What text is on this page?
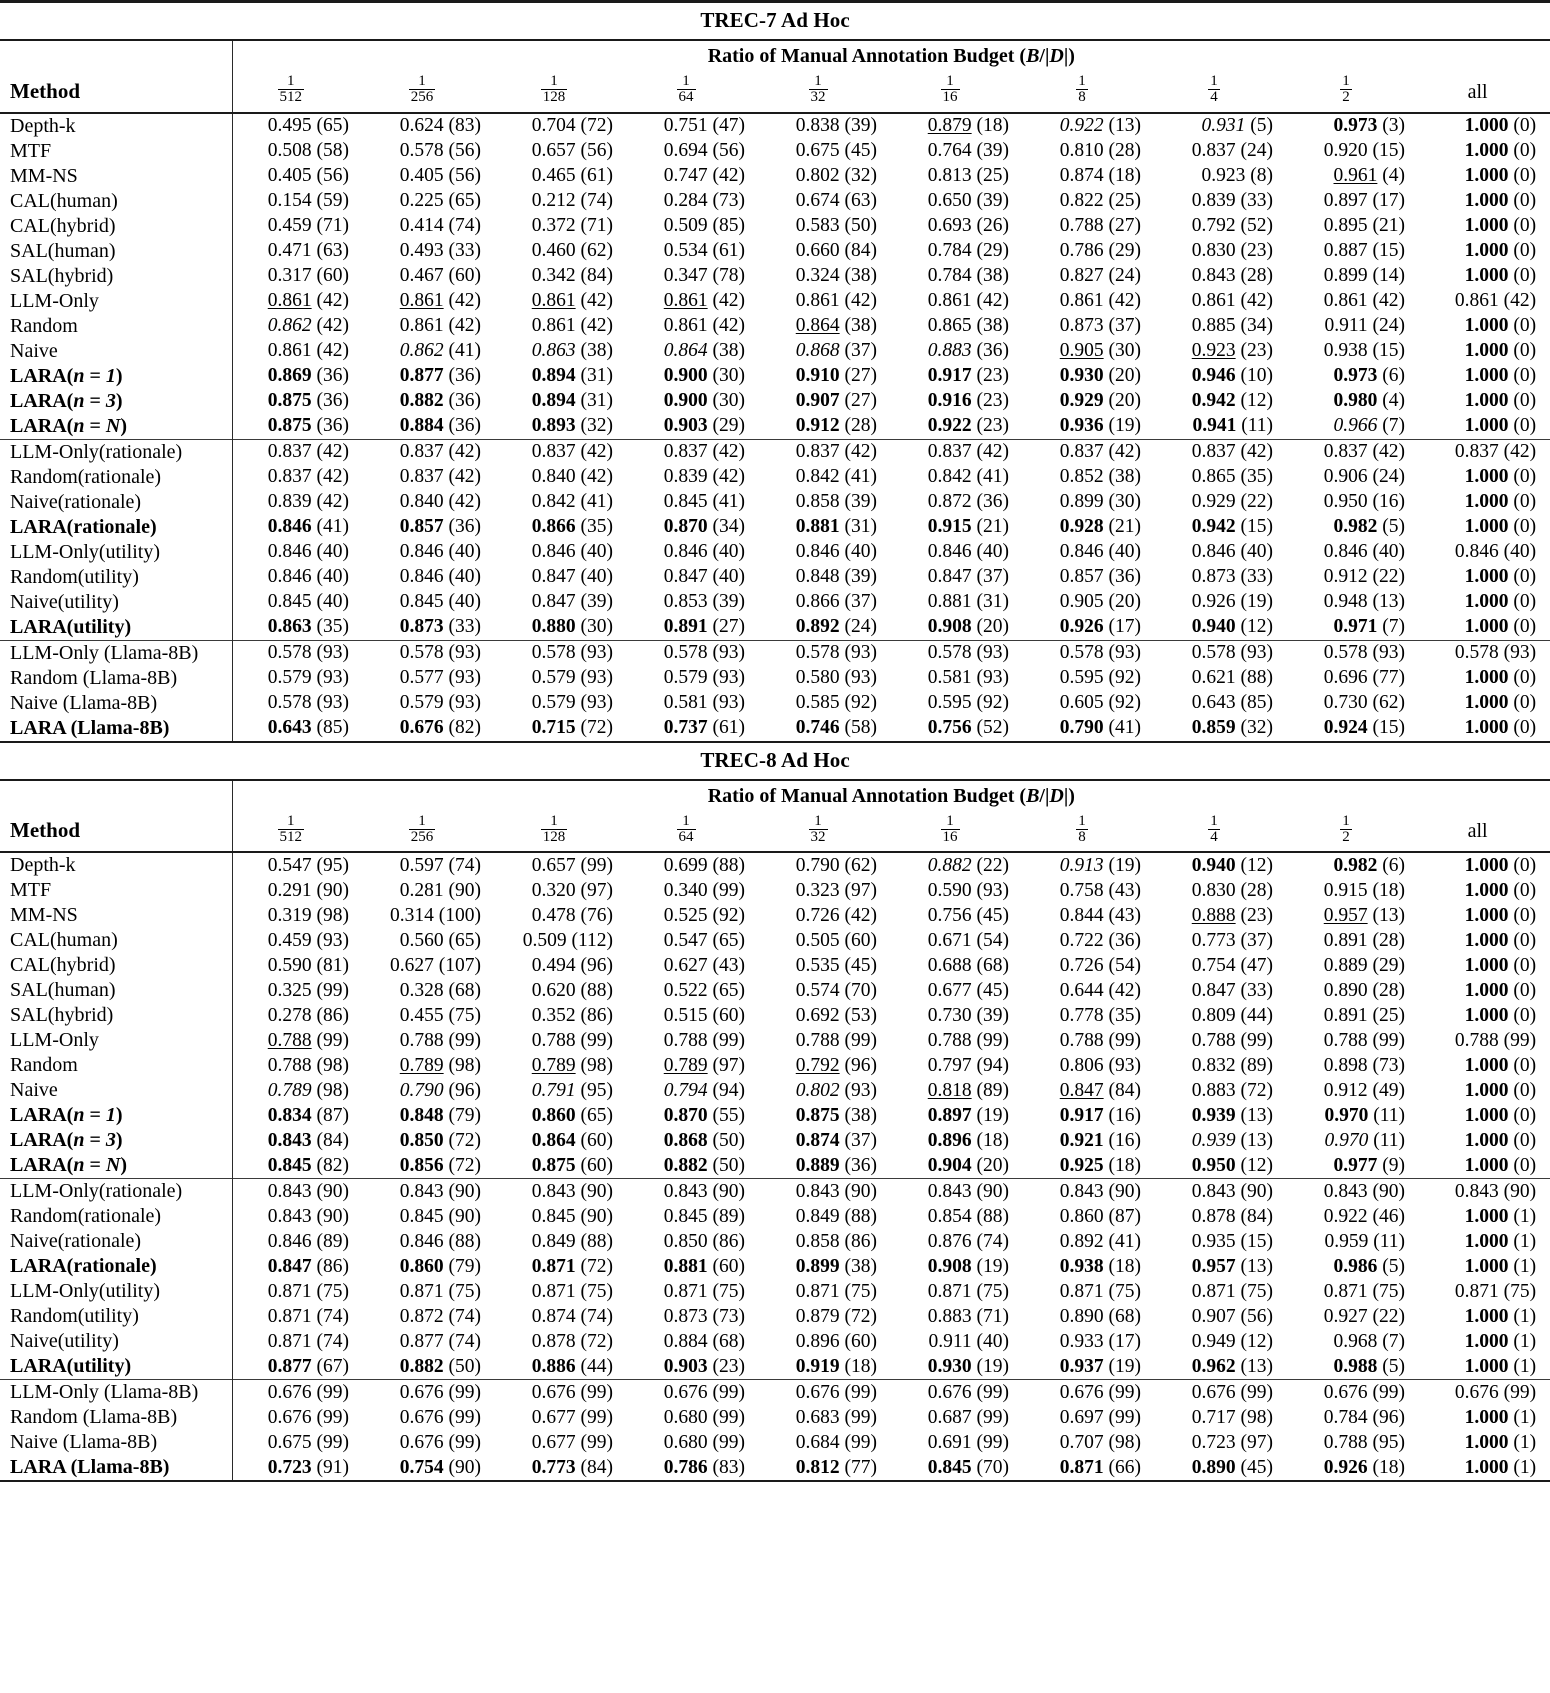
TREC-7 Ad Hoc										
	Ratio of Manual Annotation Budget (B/|D|)									
Method	$\frac{1}{512}$	$\frac{1}{256}$	$\frac{1}{128}$	$\frac{1}{64}$	$\frac{1}{32}$	$\frac{1}{16}$	$\frac{1}{8}$	$\frac{1}{4}$	$\frac{1}{2}$	all
Depth-k	0.495 (65)	0.624 (83)	0.704 (72)	0.751 (47)	0.838 (39)	0.879 (18)	0.922 (13)	0.931 (5)	0.973 (3)	1.000 (0)
MTF	0.508 (58)	0.578 (56)	0.657 (56)	0.694 (56)	0.675 (45)	0.764 (39)	0.810 (28)	0.837 (24)	0.920 (15)	1.000 (0)
MM-NS	0.405 (56)	0.405 (56)	0.465 (61)	0.747 (42)	0.802 (32)	0.813 (25)	0.874 (18)	0.923 (8)	0.961 (4)	1.000 (0)
CAL(human)	0.154 (59)	0.225 (65)	0.212 (74)	0.284 (73)	0.674 (63)	0.650 (39)	0.822 (25)	0.839 (33)	0.897 (17)	1.000 (0)
CAL(hybrid)	0.459 (71)	0.414 (74)	0.372 (71)	0.509 (85)	0.583 (50)	0.693 (26)	0.788 (27)	0.792 (52)	0.895 (21)	1.000 (0)
SAL(human)	0.471 (63)	0.493 (33)	0.460 (62)	0.534 (61)	0.660 (84)	0.784 (29)	0.786 (29)	0.830 (23)	0.887 (15)	1.000 (0)
SAL(hybrid)	0.317 (60)	0.467 (60)	0.342 (84)	0.347 (78)	0.324 (38)	0.784 (38)	0.827 (24)	0.843 (28)	0.899 (14)	1.000 (0)
LLM-Only	0.861 (42)	0.861 (42)	0.861 (42)	0.861 (42)	0.861 (42)	0.861 (42)	0.861 (42)	0.861 (42)	0.861 (42)	0.861 (42)
Random	0.862 (42)	0.861 (42)	0.861 (42)	0.861 (42)	0.864 (38)	0.865 (38)	0.873 (37)	0.885 (34)	0.911 (24)	1.000 (0)
Naive	0.861 (42)	0.862 (41)	0.863 (38)	0.864 (38)	0.868 (37)	0.883 (36)	0.905 (30)	0.923 (23)	0.938 (15)	1.000 (0)
LARA(n = 1)	0.869 (36)	0.877 (36)	0.894 (31)	0.900 (30)	0.910 (27)	0.917 (23)	0.930 (20)	0.946 (10)	0.973 (6)	1.000 (0)
LARA(n = 3)	0.875 (36)	0.882 (36)	0.894 (31)	0.900 (30)	0.907 (27)	0.916 (23)	0.929 (20)	0.942 (12)	0.980 (4)	1.000 (0)
LARA(n = N)	0.875 (36)	0.884 (36)	0.893 (32)	0.903 (29)	0.912 (28)	0.922 (23)	0.936 (19)	0.941 (11)	0.966 (7)	1.000 (0)
LLM-Only(rationale)	0.837 (42)	0.837 (42)	0.837 (42)	0.837 (42)	0.837 (42)	0.837 (42)	0.837 (42)	0.837 (42)	0.837 (42)	0.837 (42)
Random(rationale)	0.837 (42)	0.837 (42)	0.840 (42)	0.839 (42)	0.842 (41)	0.842 (41)	0.852 (38)	0.865 (35)	0.906 (24)	1.000 (0)
Naive(rationale)	0.839 (42)	0.840 (42)	0.842 (41)	0.845 (41)	0.858 (39)	0.872 (36)	0.899 (30)	0.929 (22)	0.950 (16)	1.000 (0)
LARA(rationale)	0.846 (41)	0.857 (36)	0.866 (35)	0.870 (34)	0.881 (31)	0.915 (21)	0.928 (21)	0.942 (15)	0.982 (5)	1.000 (0)
LLM-Only(utility)	0.846 (40)	0.846 (40)	0.846 (40)	0.846 (40)	0.846 (40)	0.846 (40)	0.846 (40)	0.846 (40)	0.846 (40)	0.846 (40)
Random(utility)	0.846 (40)	0.846 (40)	0.847 (40)	0.847 (40)	0.848 (39)	0.847 (37)	0.857 (36)	0.873 (33)	0.912 (22)	1.000 (0)
Naive(utility)	0.845 (40)	0.845 (40)	0.847 (39)	0.853 (39)	0.866 (37)	0.881 (31)	0.905 (20)	0.926 (19)	0.948 (13)	1.000 (0)
LARA(utility)	0.863 (35)	0.873 (33)	0.880 (30)	0.891 (27)	0.892 (24)	0.908 (20)	0.926 (17)	0.940 (12)	0.971 (7)	1.000 (0)
LLM-Only (Llama-8B)	0.578 (93)	0.578 (93)	0.578 (93)	0.578 (93)	0.578 (93)	0.578 (93)	0.578 (93)	0.578 (93)	0.578 (93)	0.578 (93)
Random (Llama-8B)	0.579 (93)	0.577 (93)	0.579 (93)	0.579 (93)	0.580 (93)	0.581 (93)	0.595 (92)	0.621 (88)	0.696 (77)	1.000 (0)
Naive (Llama-8B)	0.578 (93)	0.579 (93)	0.579 (93)	0.581 (93)	0.585 (92)	0.595 (92)	0.605 (92)	0.643 (85)	0.730 (62)	1.000 (0)
LARA (Llama-8B)	0.643 (85)	0.676 (82)	0.715 (72)	0.737 (61)	0.746 (58)	0.756 (52)	0.790 (41)	0.859 (32)	0.924 (15)	1.000 (0)
TREC-8 Ad Hoc										
	Ratio of Manual Annotation Budget (B/|D|)									
Method	$\frac{1}{512}$	$\frac{1}{256}$	$\frac{1}{128}$	$\frac{1}{64}$	$\frac{1}{32}$	$\frac{1}{16}$	$\frac{1}{8}$	$\frac{1}{4}$	$\frac{1}{2}$	all
Depth-k	0.547 (95)	0.597 (74)	0.657 (99)	0.699 (88)	0.790 (62)	0.882 (22)	0.913 (19)	0.940 (12)	0.982 (6)	1.000 (0)
MTF	0.291 (90)	0.281 (90)	0.320 (97)	0.340 (99)	0.323 (97)	0.590 (93)	0.758 (43)	0.830 (28)	0.915 (18)	1.000 (0)
MM-NS	0.319 (98)	0.314 (100)	0.478 (76)	0.525 (92)	0.726 (42)	0.756 (45)	0.844 (43)	0.888 (23)	0.957 (13)	1.000 (0)
CAL(human)	0.459 (93)	0.560 (65)	0.509 (112)	0.547 (65)	0.505 (60)	0.671 (54)	0.722 (36)	0.773 (37)	0.891 (28)	1.000 (0)
CAL(hybrid)	0.590 (81)	0.627 (107)	0.494 (96)	0.627 (43)	0.535 (45)	0.688 (68)	0.726 (54)	0.754 (47)	0.889 (29)	1.000 (0)
SAL(human)	0.325 (99)	0.328 (68)	0.620 (88)	0.522 (65)	0.574 (70)	0.677 (45)	0.644 (42)	0.847 (33)	0.890 (28)	1.000 (0)
SAL(hybrid)	0.278 (86)	0.455 (75)	0.352 (86)	0.515 (60)	0.692 (53)	0.730 (39)	0.778 (35)	0.809 (44)	0.891 (25)	1.000 (0)
LLM-Only	0.788 (99)	0.788 (99)	0.788 (99)	0.788 (99)	0.788 (99)	0.788 (99)	0.788 (99)	0.788 (99)	0.788 (99)	0.788 (99)
Random	0.788 (98)	0.789 (98)	0.789 (98)	0.789 (97)	0.792 (96)	0.797 (94)	0.806 (93)	0.832 (89)	0.898 (73)	1.000 (0)
Naive	0.789 (98)	0.790 (96)	0.791 (95)	0.794 (94)	0.802 (93)	0.818 (89)	0.847 (84)	0.883 (72)	0.912 (49)	1.000 (0)
LARA(n = 1)	0.834 (87)	0.848 (79)	0.860 (65)	0.870 (55)	0.875 (38)	0.897 (19)	0.917 (16)	0.939 (13)	0.970 (11)	1.000 (0)
LARA(n = 3)	0.843 (84)	0.850 (72)	0.864 (60)	0.868 (50)	0.874 (37)	0.896 (18)	0.921 (16)	0.939 (13)	0.970 (11)	1.000 (0)
LARA(n = N)	0.845 (82)	0.856 (72)	0.875 (60)	0.882 (50)	0.889 (36)	0.904 (20)	0.925 (18)	0.950 (12)	0.977 (9)	1.000 (0)
LLM-Only(rationale)	0.843 (90)	0.843 (90)	0.843 (90)	0.843 (90)	0.843 (90)	0.843 (90)	0.843 (90)	0.843 (90)	0.843 (90)	0.843 (90)
Random(rationale)	0.843 (90)	0.845 (90)	0.845 (90)	0.845 (89)	0.849 (88)	0.854 (88)	0.860 (87)	0.878 (84)	0.922 (46)	1.000 (1)
Naive(rationale)	0.846 (89)	0.846 (88)	0.849 (88)	0.850 (86)	0.858 (86)	0.876 (74)	0.892 (41)	0.935 (15)	0.959 (11)	1.000 (1)
LARA(rationale)	0.847 (86)	0.860 (79)	0.871 (72)	0.881 (60)	0.899 (38)	0.908 (19)	0.938 (18)	0.957 (13)	0.986 (5)	1.000 (1)
LLM-Only(utility)	0.871 (75)	0.871 (75)	0.871 (75)	0.871 (75)	0.871 (75)	0.871 (75)	0.871 (75)	0.871 (75)	0.871 (75)	0.871 (75)
Random(utility)	0.871 (74)	0.872 (74)	0.874 (74)	0.873 (73)	0.879 (72)	0.883 (71)	0.890 (68)	0.907 (56)	0.927 (22)	1.000 (1)
Naive(utility)	0.871 (74)	0.877 (74)	0.878 (72)	0.884 (68)	0.896 (60)	0.911 (40)	0.933 (17)	0.949 (12)	0.968 (7)	1.000 (1)
LARA(utility)	0.877 (67)	0.882 (50)	0.886 (44)	0.903 (23)	0.919 (18)	0.930 (19)	0.937 (19)	0.962 (13)	0.988 (5)	1.000 (1)
LLM-Only (Llama-8B)	0.676 (99)	0.676 (99)	0.676 (99)	0.676 (99)	0.676 (99)	0.676 (99)	0.676 (99)	0.676 (99)	0.676 (99)	0.676 (99)
Random (Llama-8B)	0.676 (99)	0.676 (99)	0.677 (99)	0.680 (99)	0.683 (99)	0.687 (99)	0.697 (99)	0.717 (98)	0.784 (96)	1.000 (1)
Naive (Llama-8B)	0.675 (99)	0.676 (99)	0.677 (99)	0.680 (99)	0.684 (99)	0.691 (99)	0.707 (98)	0.723 (97)	0.788 (95)	1.000 (1)
LARA (Llama-8B)	0.723 (91)	0.754 (90)	0.773 (84)	0.786 (83)	0.812 (77)	0.845 (70)	0.871 (66)	0.890 (45)	0.926 (18)	1.000 (1)
